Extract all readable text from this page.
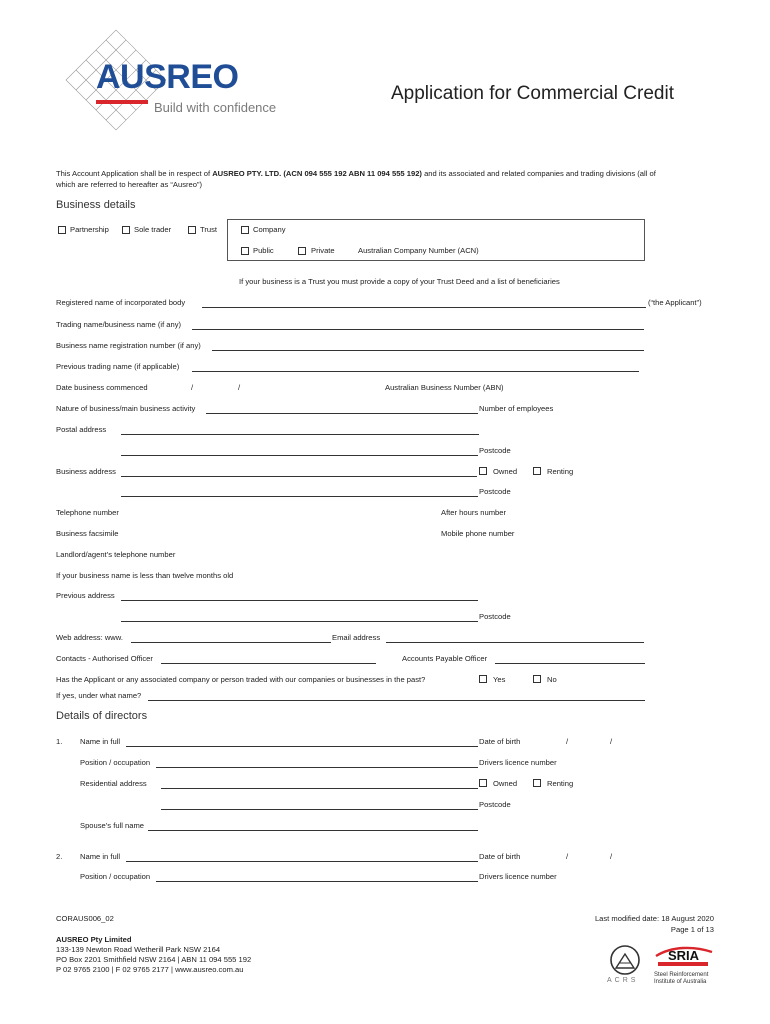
AUSREO
Build with confidence
Application for Commercial Credit
This Account Application shall be in respect of AUSREO PTY. LTD. (ACN 094 555 192 ABN 11 094 555 192) and its associated and related companies and trading divisions (all of
which are referred to hereafter as “Ausreo”)
Business details
Partnership	Sole trader	Trust	Company
Public	Private	Australian Company Number (ACN)
If your business is a Trust you must provide a copy of your Trust Deed and a list of beneficiaries
Registered name of incorporated body	(“the Applicant”)
Trading name/business name (if any)
Business name registration number (if any)
Previous trading name (if applicable)
Date business commenced	/	/	Australian Business Number (ABN)
Nature of business/main business activity	Number of employees
Postal address
Postcode
Business address	Owned	Renting
Postcode
Telephone number	After hours number
Business facsimile	Mobile phone number
Landlord/agent’s telephone number
If your business name is less than twelve months old
Previous address
Postcode
Web address: www.	Email address
Contacts - Authorised Officer	Accounts Payable Officer
Has the Applicant or any associated company or person traded with our companies or businesses in the past?	Yes	No
If yes, under what name?
Details of directors
1. Name in full	Date of birth	/	/
Position / occupation	Drivers licence number
Residential address	Owned	Renting
Postcode
Spouse’s full name
2. Name in full	Date of birth	/	/
Position / occupation	Drivers licence number
CORAUS006_02	Last modified date: 18 August 2020
Page 1 of 13
AUSREO Pty Limited
133-139 Newton Road Wetherill Park NSW 2164
PO Box 2201 Smithfield NSW 2164 | ABN 11 094 555 192
P 02 9765 2100 | F 02 9765 2177 | www.ausreo.com.au
ACRS
SRIA
Steel Reinforcement
Institute of Australia
